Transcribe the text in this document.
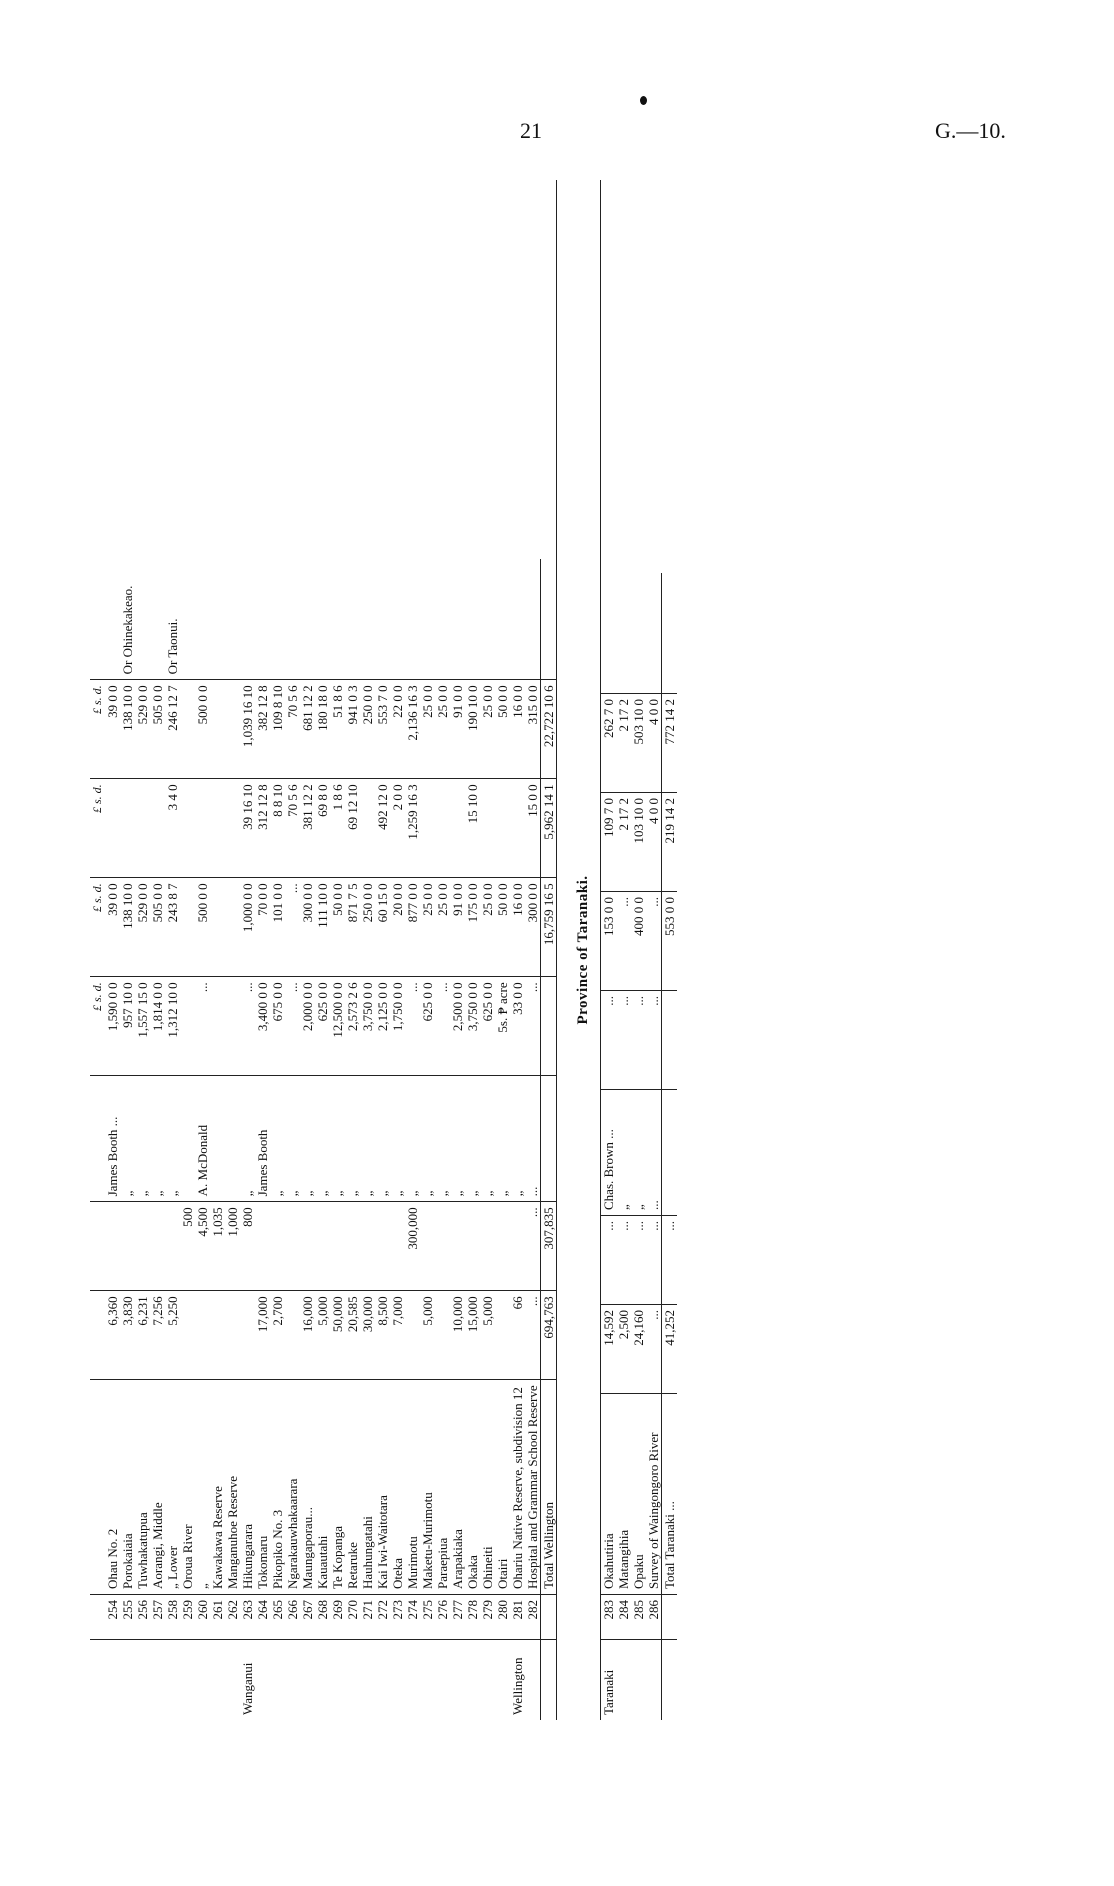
21	G.—10.
						£ s. d.	£ s. d.	£ s. d.	£ s. d.	
	254	Ohau No. 2	6,360		James Booth ...	1,590 0 0	39 0 0		39 0 0	
	255	Porokaiaia	3,830		„	957 10 0	138 10 0		138 10 0	Or Ohinekakeao.
	256	Tuwhakatupua	6,231		„	1,557 15 0	529 0 0		529 0 0	
	257	Aorangi, Middle	7,256		„	1,814 0 0	505 0 0		505 0 0	
	258	„ Lower	5,250		„	1,312 10 0	243 8 7	3 4 0	246 12 7	Or Taonui.
	259	Oroua River		500						
	260	„		4,500	A. McDonald	...	500 0 0		500 0 0	
	261	Kawakawa Reserve		1,035						
	262	Manganuhoe Reserve		1,000						
Wanganui	263	Hikungarara		800	„	...	1,000 0 0	39 16 10	1,039 16 10	
	264	Tokomaru	17,000		James Booth	3,400 0 0	70 0 0	312 12 8	382 12 8	
	265	Pikopiko No. 3	2,700		„	675 0 0	101 0 0	8 8 10	109 8 10	
	266	Ngarakauwhakaarara			„	...	...	70 5 6	70 5 6	
	267	Maungaporau...	16,000		„	2,000 0 0	300 0 0	381 12 2	681 12 2	
	268	Kauautahi	5,000		„	625 0 0	111 10 0	69 8 0	180 18 0	
	269	Te Kopanga	50,000		„	12,500 0 0	50 0 0	1 8 6	51 8 6	
	270	Retaruke	20,585		„	2,573 2 6	871 7 5	69 12 10	941 0 3	
	271	Hauhungatahi	30,000		„	3,750 0 0	250 0 0		250 0 0	
	272	Kai Iwi-Waitotara	8,500		„	2,125 0 0	60 15 0	492 12 0	553 7 0	
	273	Oteka	7,000		„	1,750 0 0	20 0 0	2 0 0	22 0 0	
	274	Murimotu		300,000	„	...	877 0 0	1,259 16 3	2,136 16 3	
	275	Maketu-Murimotu	5,000		„	625 0 0	25 0 0		25 0 0	
	276	Paraepiua			„	...	25 0 0		25 0 0	
	277	Arapakiaka	10,000		„	2,500 0 0	91 0 0		91 0 0	
	278	Okaka	15,000		„	3,750 0 0	175 0 0	15 10 0	190 10 0	
	279	Ohineiti	5,000		„	625 0 0	25 0 0		25 0 0	
	280	Otairi			„	5s. ₱ acre	50 0 0		50 0 0	
Wellington	281	Ohariu Native Reserve, subdivision 12	66		„	33 0 0	16 0 0		16 0 0	
	282	Hospital and Grammar School Reserve	...	...	...	...	300 0 0	15 0 0	315 0 0	
		Total Wellington	694,763	307,835			16,759 16 5	5,962 14 1	22,722 10 6	
Province of Taranaki.
Taranaki	283	Okahutiria	14,592	...	Chas. Brown ...	...	153 0 0	109 7 0	262 7 0	
	284	Matangihia	2,500	...	„	...	...	2 17 2	2 17 2	
	285	Opaku	24,160	...	„	...	400 0 0	103 10 0	503 10 0	
	286	Survey of Waingongoro River	...	...	...	...	...	4 0 0	4 0 0	
		Total Taranaki ...	41,252	...			553 0 0	219 14 2	772 14 2	
